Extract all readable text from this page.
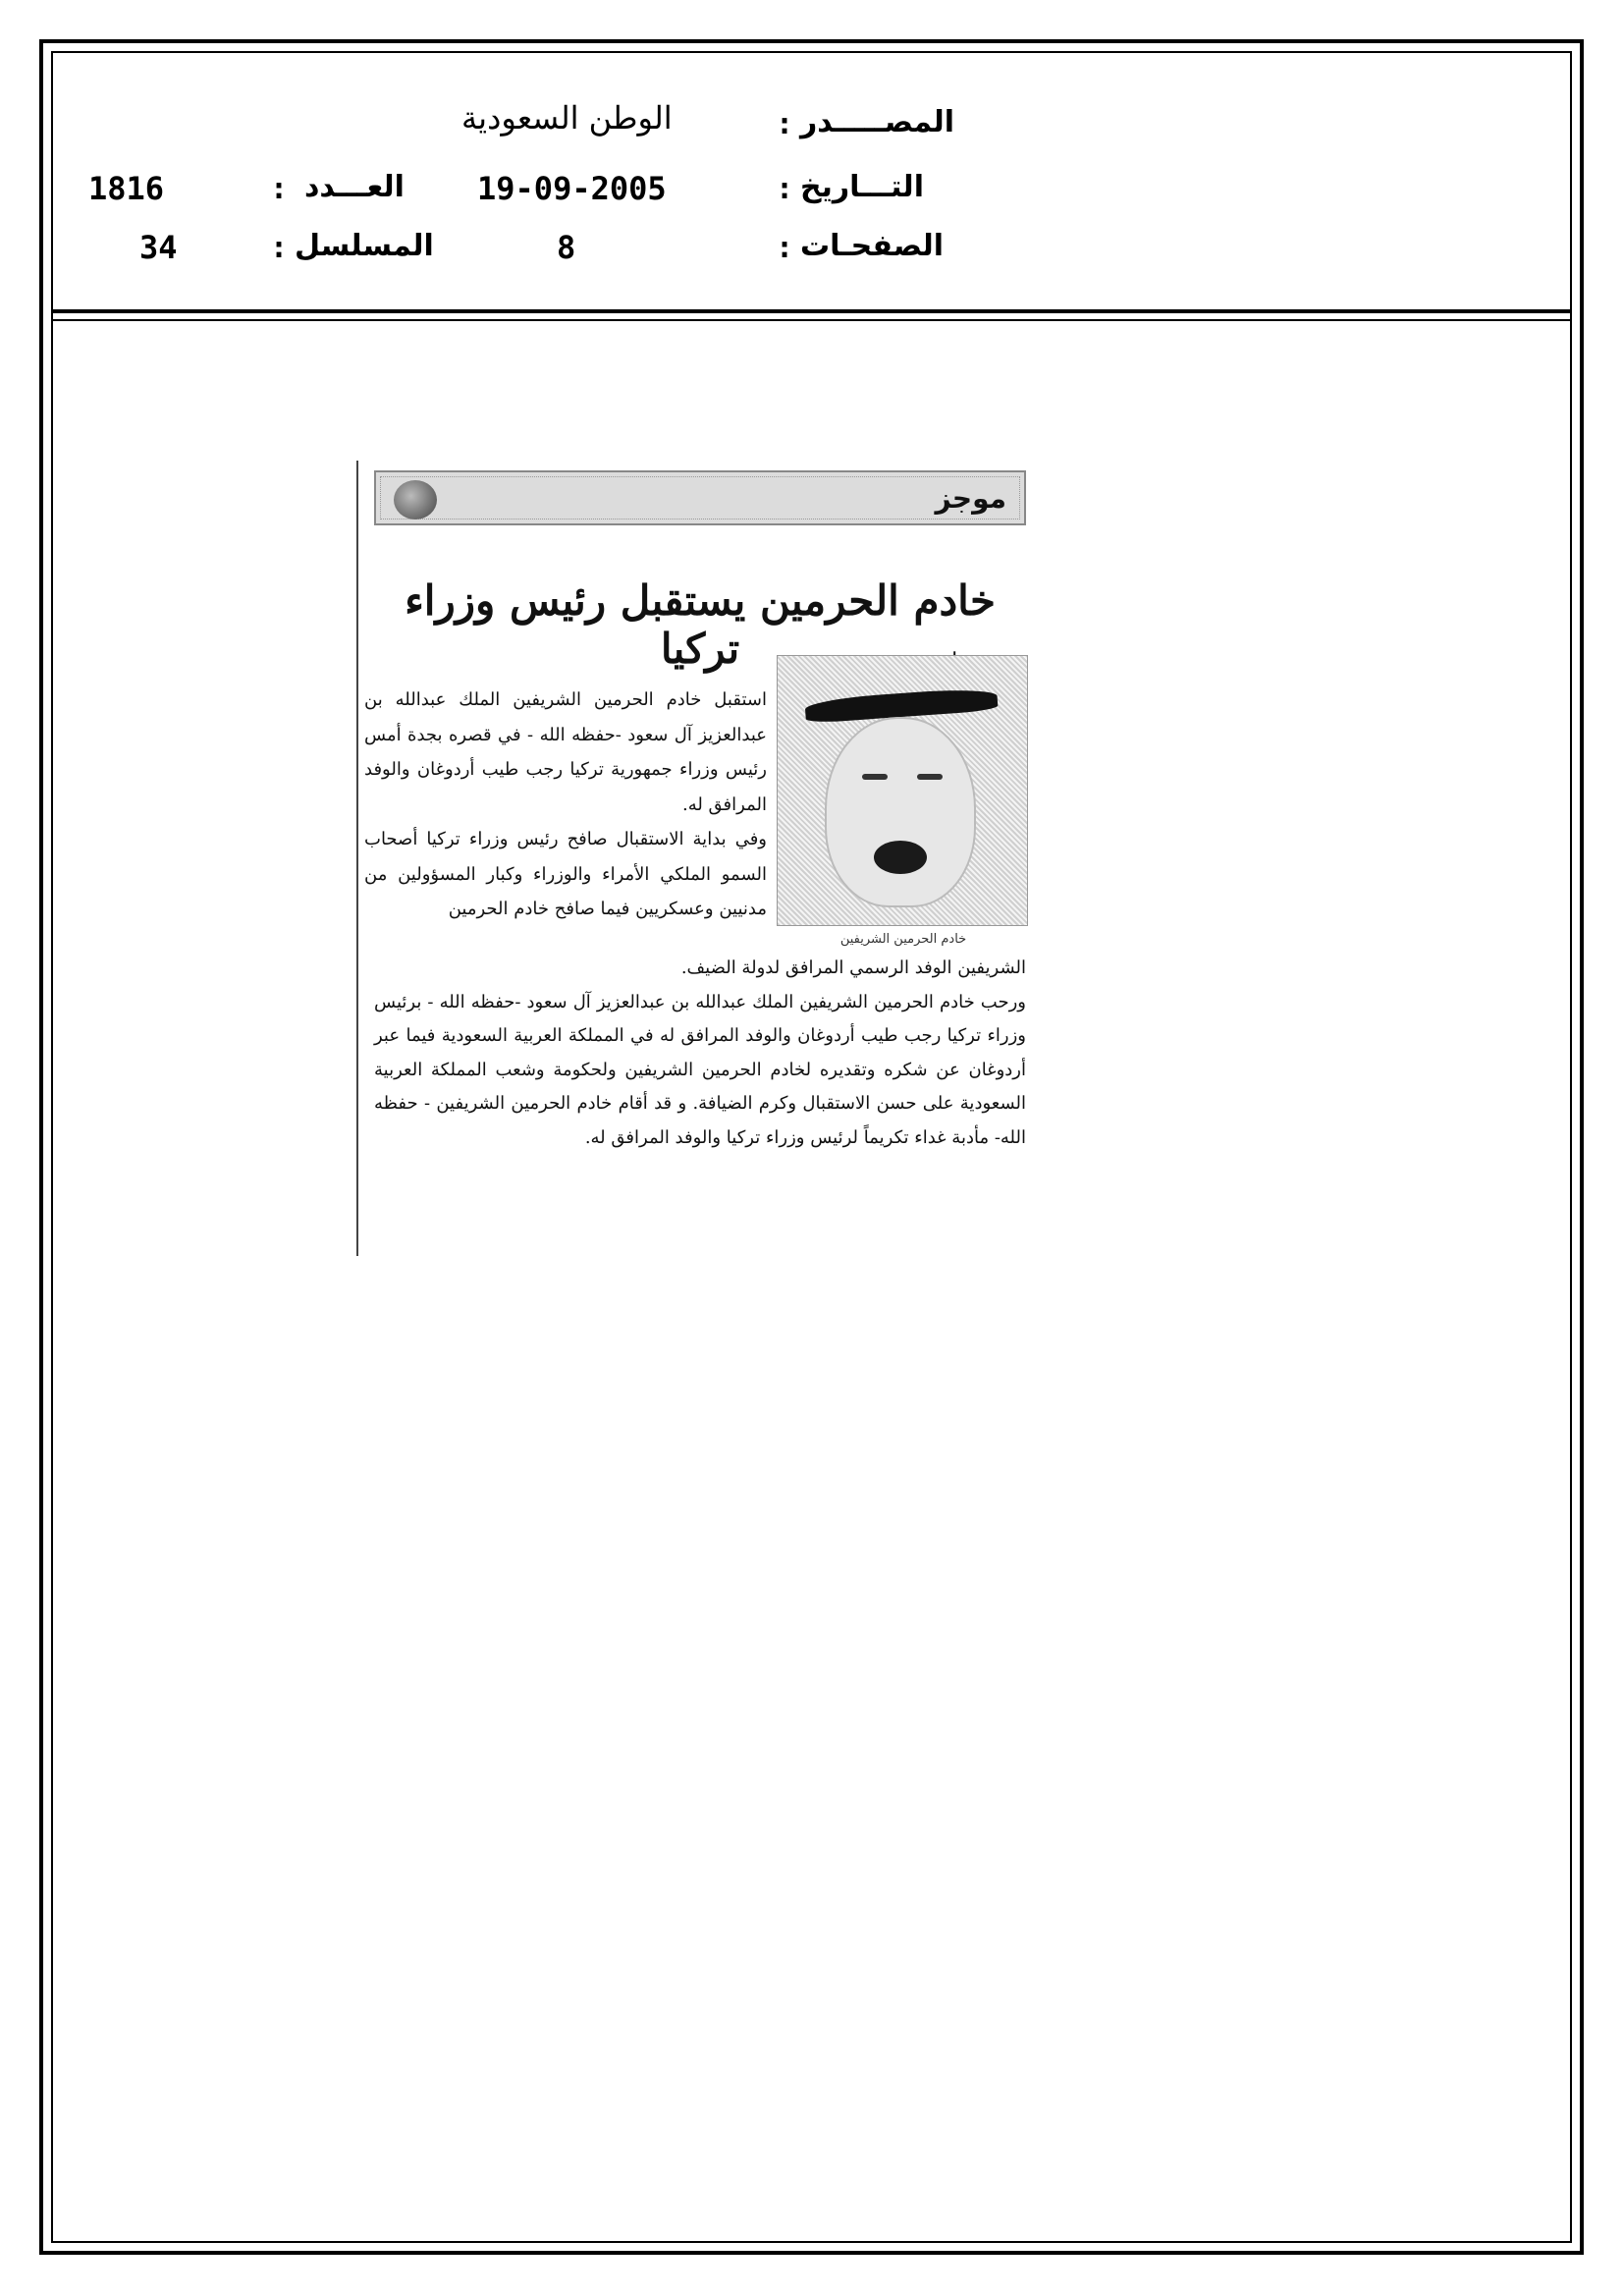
المصـــــدر
:
الوطن السعودية
التـــاريخ
:
19-09-2005
العـــدد
:
1816
الصفحـات
:
8
المسلسل
:
34
موجز
خادم الحرمين يستقبل رئيس وزراء تركيا
خادم الحرمين الشريفين

استقبل خادم الحرمين الشريفين الملك عبدالله بن عبدالعزيز آل سعود -حفظه الله - في قصره بجدة أمس رئيس وزراء جمهورية تركيا رجب طيب أردوغان والوفد المرافق له.

وفي بداية الاستقبال صافح رئيس وزراء تركيا أصحاب السمو الملكي الأمراء والوزراء وكبار المسؤولين من مدنيين وعسكريين فيما صافح خادم الحرمين

الشريفين الوفد الرسمي المرافق لدولة الضيف.

ورحب خادم الحرمين الشريفين الملك عبدالله بن عبدالعزيز آل سعود -حفظه الله - برئيس وزراء تركيا رجب طيب أردوغان والوفد المرافق له في المملكة العربية السعودية فيما عبر أردوغان عن شكره وتقديره لخادم الحرمين الشريفين ولحكومة وشعب المملكة العربية السعودية على حسن الاستقبال وكرم الضيافة. و قد أقام خادم الحرمين الشريفين - حفظه الله- مأدبة غداء تكريماً لرئيس وزراء تركيا والوفد المرافق له.
